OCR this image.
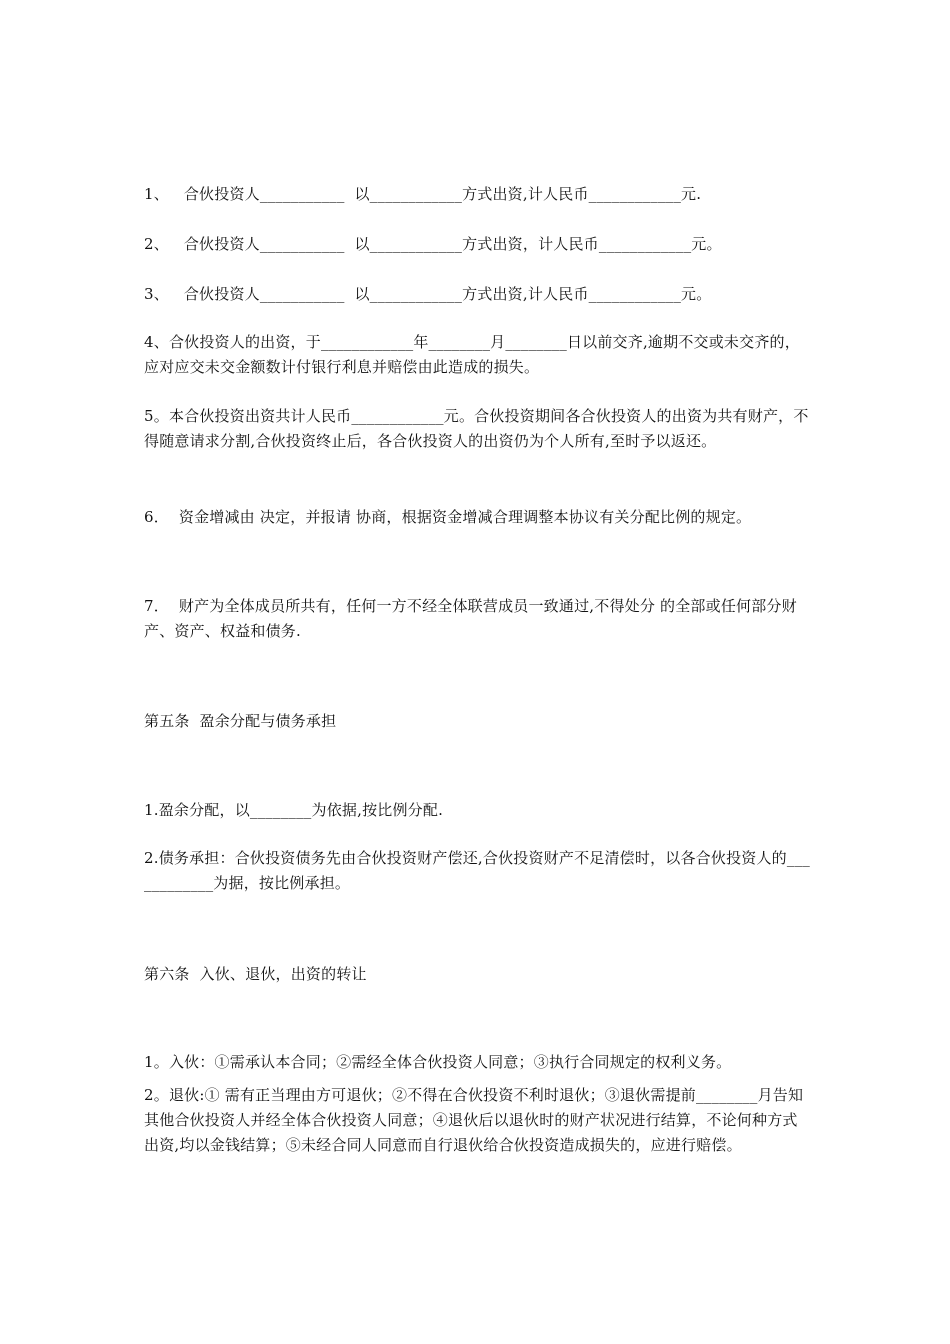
1、   合伙投资人___________  以____________方式出资,计人民币____________元.
2、   合伙投资人___________  以____________方式出资，计人民币____________元。
3、   合伙投资人___________  以____________方式出资,计人民币____________元。
4、合伙投资人的出资，于____________年________月________日以前交齐,逾期不交或未交齐的，应对应交未交金额数计付银行利息并赔偿由此造成的损失。
5。本合伙投资出资共计人民币____________元。合伙投资期间各合伙投资人的出资为共有财产，不得随意请求分割,合伙投资终止后，各合伙投资人的出资仍为个人所有,至时予以返还。
6．  资金增减由 决定，并报请 协商，根据资金增减合理调整本协议有关分配比例的规定。
7．  财产为全体成员所共有，任何一方不经全体联营成员一致通过,不得处分 的全部或任何部分财产、资产、权益和债务.
第五条  盈余分配与债务承担
1.盈余分配，以________为依据,按比例分配.
2.债务承担：合伙投资债务先由合伙投资财产偿还,合伙投资财产不足清偿时，以各合伙投资人的____________为据，按比例承担。
第六条  入伙、退伙，出资的转让
1。入伙：①需承认本合同；②需经全体合伙投资人同意；③执行合同规定的权利义务。
2。退伙:① 需有正当理由方可退伙；②不得在合伙投资不利时退伙；③退伙需提前________月告知其他合伙投资人并经全体合伙投资人同意；④退伙后以退伙时的财产状况进行结算，不论何种方式出资,均以金钱结算；⑤未经合同人同意而自行退伙给合伙投资造成损失的，应进行赔偿。
